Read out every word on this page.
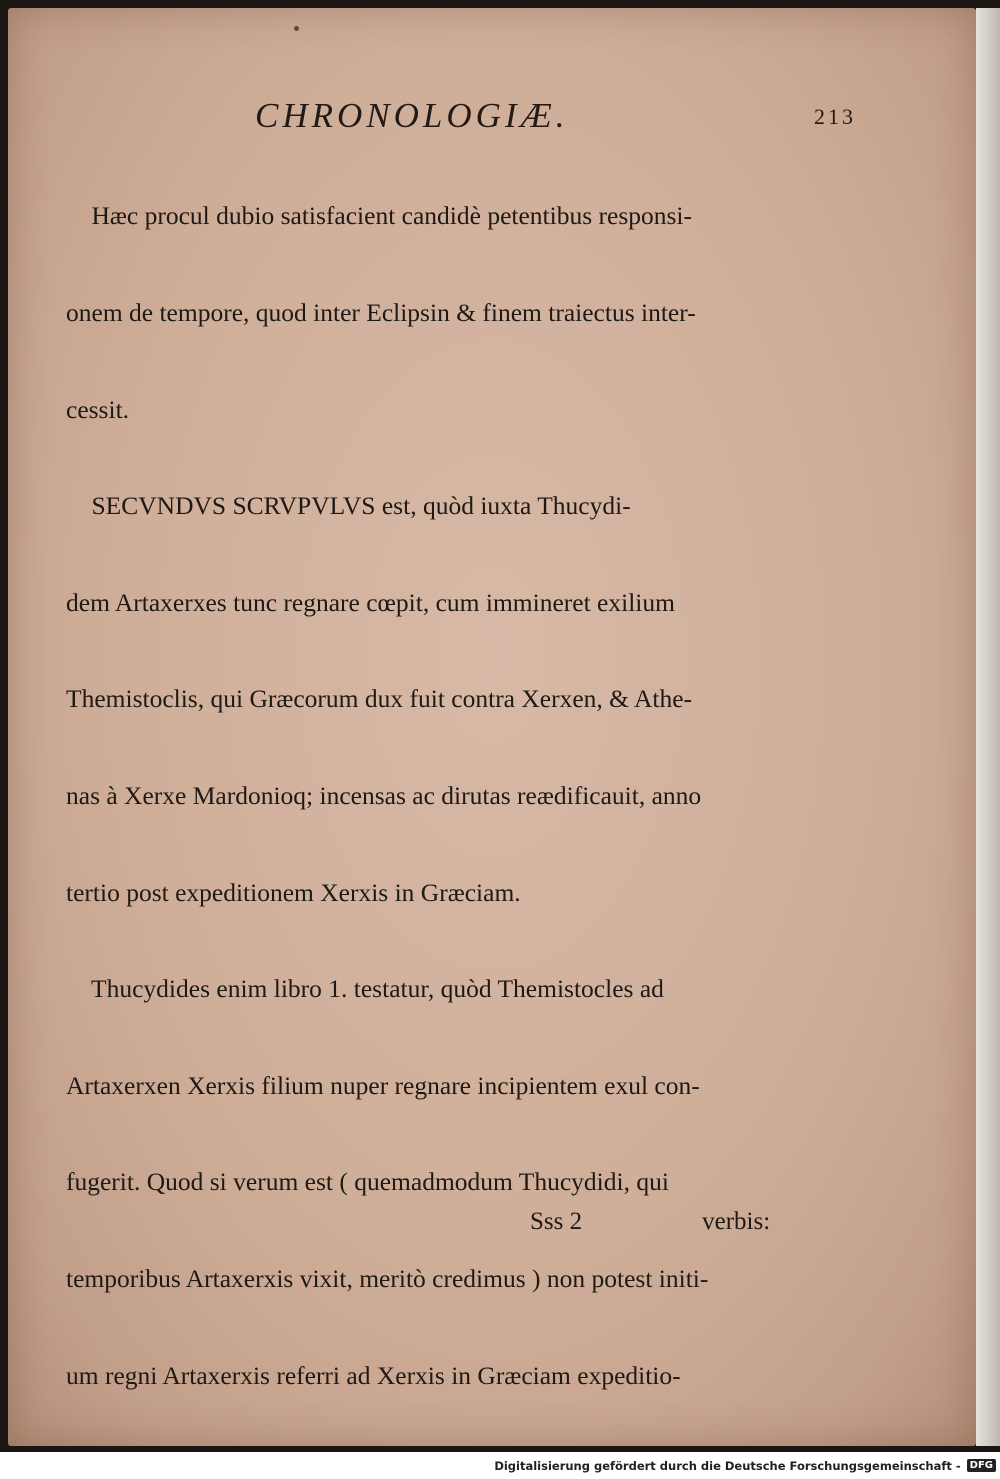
CHRONOLOGIÆ.	213

Hæc procul dubio satisfacient candidè petentibus responsi-

onem de tempore, quod inter Eclipsin & finem traiectus inter-

cessit.

SECVNDVS SCRVPVLVS est, quòd iuxta Thucydi-

dem Artaxerxes tunc regnare cœpit, cum immineret exilium

Themistoclis, qui Græcorum dux fuit contra Xerxen, & Athe-

nas à Xerxe Mardonioq; incensas ac dirutas reædificauit, anno

tertio post expeditionem Xerxis in Græciam.

Thucydides enim libro 1. testatur, quòd Themistocles ad

Artaxerxen Xerxis filium nuper regnare incipientem exul con-

fugerit. Quod si verum est ( quemadmodum Thucydidi, qui

temporibus Artaxerxis vixit, meritò credimus ) non potest initi-

um regni Artaxerxis referri ad Xerxis in Græciam expeditio-

Sss 2	verbis:
Digitalisierung gefördert durch die Deutsche Forschungsgemeinschaft - DFG
